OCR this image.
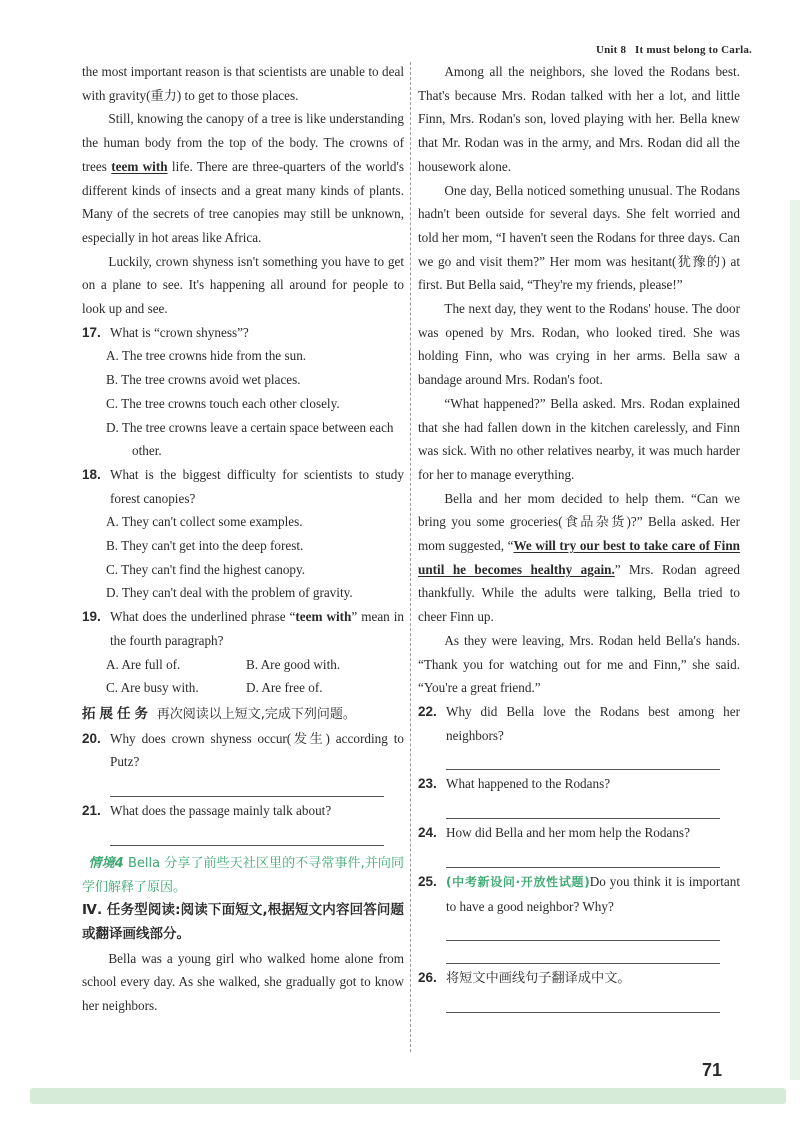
Unit 8 It must belong to Carla.

the most important reason is that scientists are unable to deal with gravity(重力) to get to those places.

Still, knowing the canopy of a tree is like understanding the human body from the top of the body. The crowns of trees teem with life. There are three-quarters of the world's different kinds of insects and a great many kinds of plants. Many of the secrets of tree canopies may still be unknown, especially in hot areas like Africa.

Luckily, crown shyness isn't something you have to get on a plane to see. It's happening all around for people to look up and see.

17. What is “crown shyness”?
A. The tree crowns hide from the sun.
B. The tree crowns avoid wet places.
C. The tree crowns touch each other closely.
D. The tree crowns leave a certain space between each other.
18. What is the biggest difficulty for scientists to study forest canopies?
A. They can't collect some examples.
B. They can't get into the deep forest.
C. They can't find the highest canopy.
D. They can't deal with the problem of gravity.
19. What does the underlined phrase “teem with” mean in the fourth paragraph?
A. Are full of.	B. Are good with.
C. Are busy with.	D. Are free of.
拓展任务 再次阅读以上短文,完成下列问题。
20. Why does crown shyness occur(发生) according to Putz?
21. What does the passage mainly talk about?

情境4 Bella 分享了前些天社区里的不寻常事件,并向同学们解释了原因。

Ⅳ. 任务型阅读:阅读下面短文,根据短文内容回答问题或翻译画线部分。

Bella was a young girl who walked home alone from school every day. As she walked, she gradually got to know her neighbors.

Among all the neighbors, she loved the Rodans best. That's because Mrs. Rodan talked with her a lot, and little Finn, Mrs. Rodan's son, loved playing with her. Bella knew that Mr. Rodan was in the army, and Mrs. Rodan did all the housework alone.

One day, Bella noticed something unusual. The Rodans hadn't been outside for several days. She felt worried and told her mom, “I haven't seen the Rodans for three days. Can we go and visit them?” Her mom was hesitant(犹豫的) at first. But Bella said, “They're my friends, please!”

The next day, they went to the Rodans' house. The door was opened by Mrs. Rodan, who looked tired. She was holding Finn, who was crying in her arms. Bella saw a bandage around Mrs. Rodan's foot.

“What happened?” Bella asked. Mrs. Rodan explained that she had fallen down in the kitchen carelessly, and Finn was sick. With no other relatives nearby, it was much harder for her to manage everything.

Bella and her mom decided to help them. “Can we bring you some groceries(食品杂货)?” Bella asked. Her mom suggested, “We will try our best to take care of Finn until he becomes healthy again.” Mrs. Rodan agreed thankfully. While the adults were talking, Bella tried to cheer Finn up.

As they were leaving, Mrs. Rodan held Bella's hands. “Thank you for watching out for me and Finn,” she said. “You're a great friend.”

22. Why did Bella love the Rodans best among her neighbors?
23. What happened to the Rodans?
24. How did Bella and her mom help the Rodans?
25. (中考新设问·开放性试题)Do you think it is important to have a good neighbor? Why?
26. 将短文中画线句子翻译成中文。
71
